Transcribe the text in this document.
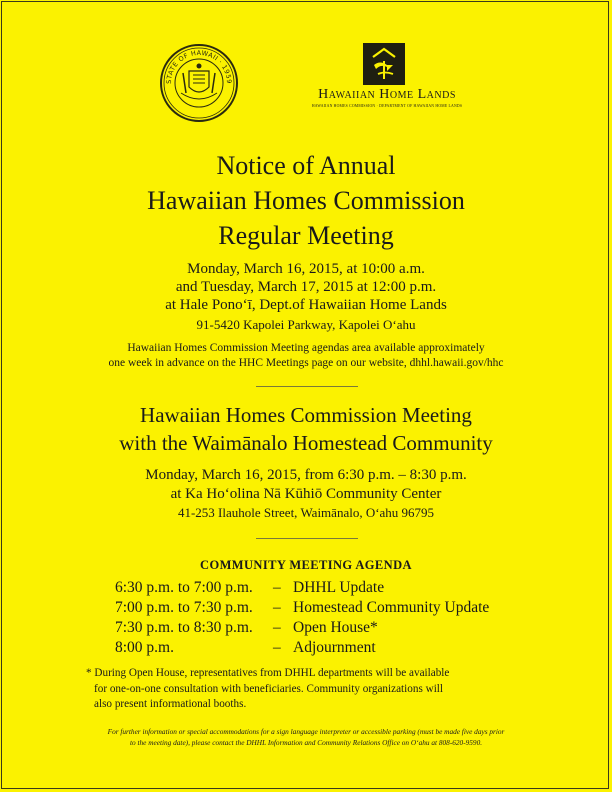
STATE OF HAWAII · 1959
Hawaiian Home Lands
HAWAIIAN HOMES COMMISSION · DEPARTMENT OF HAWAIIAN HOME LANDS
Notice of Annual
Hawaiian Homes Commission
Regular Meeting
Monday, March 16, 2015, at 10:00 a.m.
and Tuesday, March 17, 2015 at 12:00 p.m.
at Hale Pono‘ī, Dept.of Hawaiian Home Lands
91-5420 Kapolei Parkway, Kapolei O‘ahu
Hawaiian Homes Commission Meeting agendas area available approximately
one week in advance on the HHC Meetings page on our website, dhhl.hawaii.gov/hhc
Hawaiian Homes Commission Meeting
with the Waimānalo Homestead Community
Monday, March 16, 2015, from 6:30 p.m. – 8:30 p.m.
at Ka Ho‘olina Nā Kūhiō Community Center
41-253 Ilauhole Street, Waimānalo, O‘ahu 96795
COMMUNITY MEETING AGENDA
6:30 p.m. to 7:00 p.m. – DHHL Update
7:00 p.m. to 7:30 p.m. – Homestead Community Update
7:30 p.m. to 8:30 p.m. – Open House*
8:00 p.m.	– Adjournment
* During Open House, representatives from DHHL departments will be available
for one-on-one consultation with beneficiaries. Community organizations will
also present informational booths.
For further information or special accommodations for a sign language interpreter or accessible parking (must be made five days prior
to the meeting date), please contact the DHHL Information and Community Relations Office on O‘ahu at 808-620-9590.
